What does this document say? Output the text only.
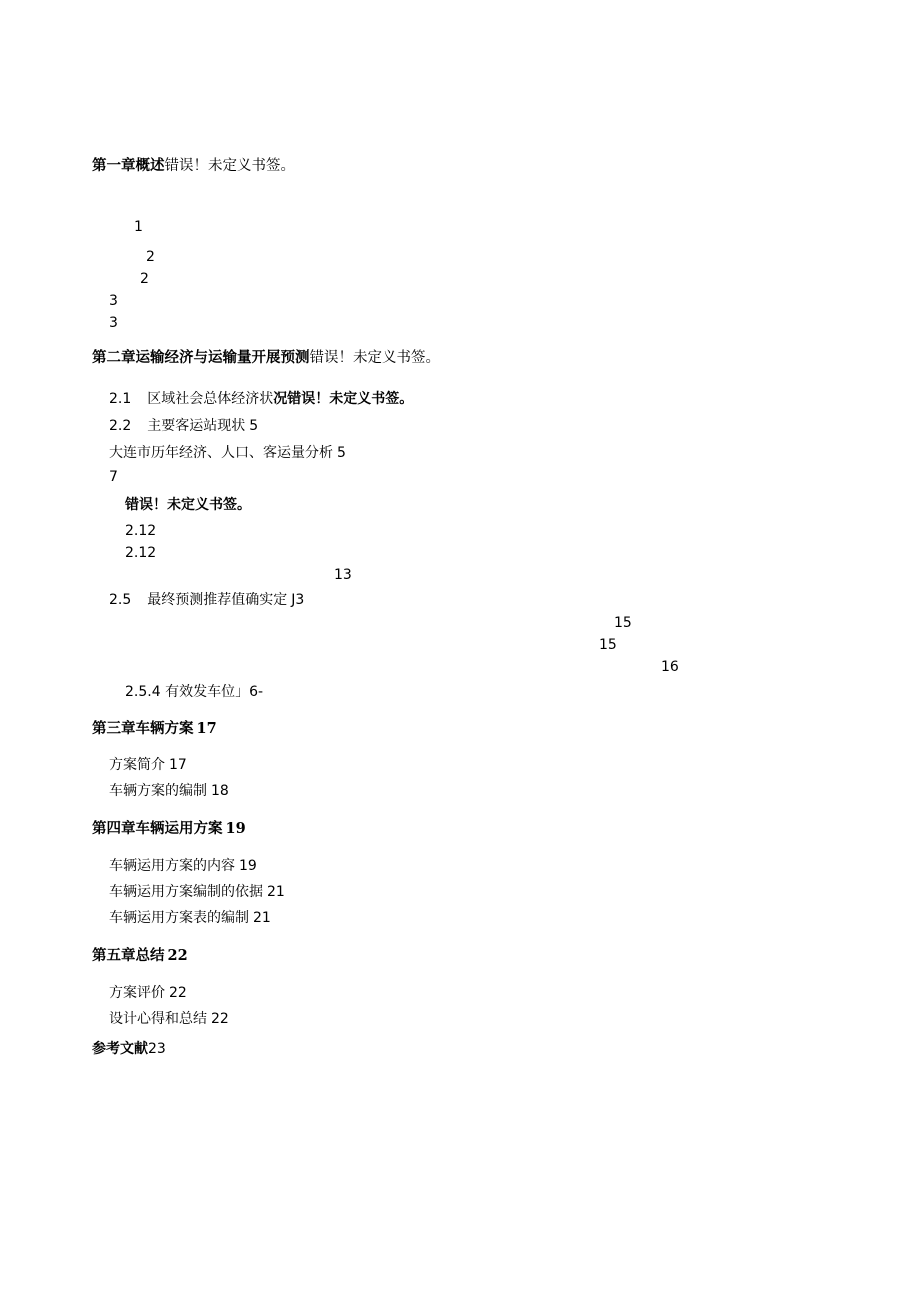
第一章概述错误！未定义书签。
1
2
2
3
3
第二章运输经济与运输量开展预测错误！未定义书签。
2.1 区域社会总体经济状况错误！未定义书签。
2.2 主要客运站现状 5
大连市历年经济、人口、客运量分析 5
7
错误！未定义书签。
2.12
2.12
13
2.5 最终预测推荐值确实定 J3
15
15
16
2.5.4 有效发车位」6-
第三章车辆方案 17
方案简介 17
车辆方案的编制 18
第四章车辆运用方案 19
车辆运用方案的内容 19
车辆运用方案编制的依据 21
车辆运用方案表的编制 21
第五章总结 22
方案评价 22
设计心得和总结 22
参考文献23
